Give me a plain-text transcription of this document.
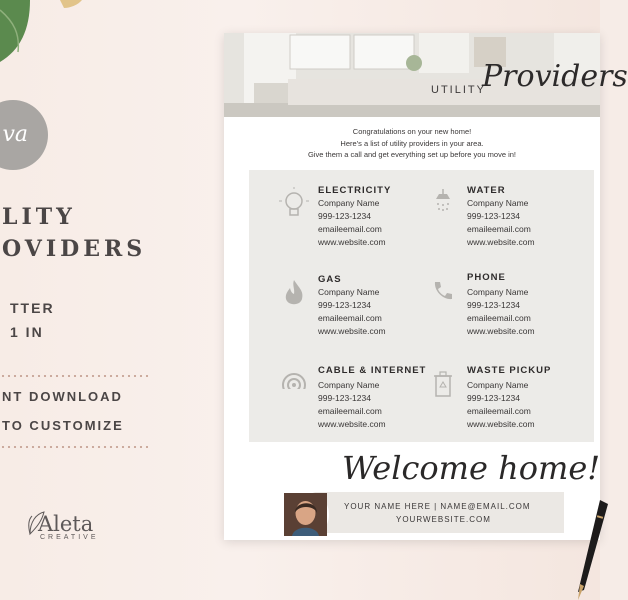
va
LITY
OVIDERS
TTER
1 IN
NT DOWNLOAD
TO CUSTOMIZE
Aleta
CREATIVE
UTILITY
Providers
Congratulations on your new home!
Here's a list of utility providers in your area.
Give them a call and get everything set up before you move in!
ELECTRICITY
Company Name
999-123-1234
emaileemail.com
www.website.com
WATER
Company Name
999-123-1234
emaileemail.com
www.website.com
GAS
Company Name
999-123-1234
emaileemail.com
www.website.com
PHONE
Company Name
999-123-1234
emaileemail.com
www.website.com
CABLE & INTERNET
Company Name
999-123-1234
emaileemail.com
www.website.com
WASTE PICKUP
Company Name
999-123-1234
emaileemail.com
www.website.com
Welcome home!
YOUR NAME HERE | NAME@EMAIL.COM
YOURWEBSITE.COM
